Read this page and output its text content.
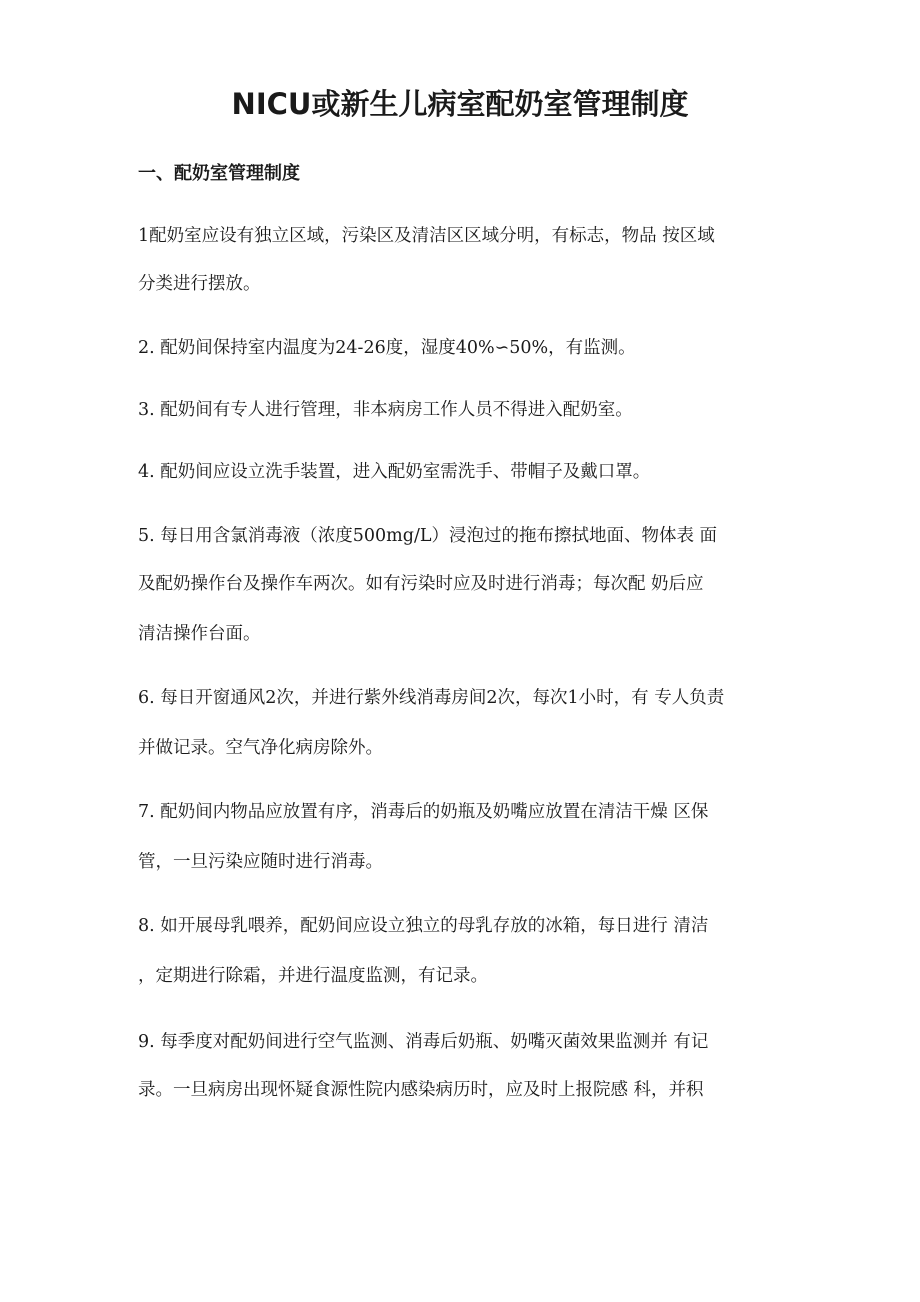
NICU或新生儿病室配奶室管理制度
一、配奶室管理制度

1配奶室应设有独立区域，污染区及清洁区区域分明，有标志，物品 按区域

分类进行摆放。

2. 配奶间保持室内温度为24-26度，湿度40%∽50%，有监测。

3. 配奶间有专人进行管理，非本病房工作人员不得进入配奶室。

4. 配奶间应设立洗手装置，进入配奶室需洗手、带帽子及戴口罩。

5. 每日用含氯消毒液（浓度500mg/L）浸泡过的拖布擦拭地面、物体表 面

及配奶操作台及操作车两次。如有污染时应及时进行消毒；每次配 奶后应

清洁操作台面。

6. 每日开窗通风2次，并进行紫外线消毒房间2次，每次1小时，有 专人负责

并做记录。空气净化病房除外。

7. 配奶间内物品应放置有序，消毒后的奶瓶及奶嘴应放置在清洁干燥 区保

管，一旦污染应随时进行消毒。

8. 如开展母乳喂养，配奶间应设立独立的母乳存放的冰箱，每日进行 清洁

，定期进行除霜，并进行温度监测，有记录。

9. 每季度对配奶间进行空气监测、消毒后奶瓶、奶嘴灭菌效果监测并 有记

录。一旦病房出现怀疑食源性院内感染病历时，应及时上报院感 科，并积
